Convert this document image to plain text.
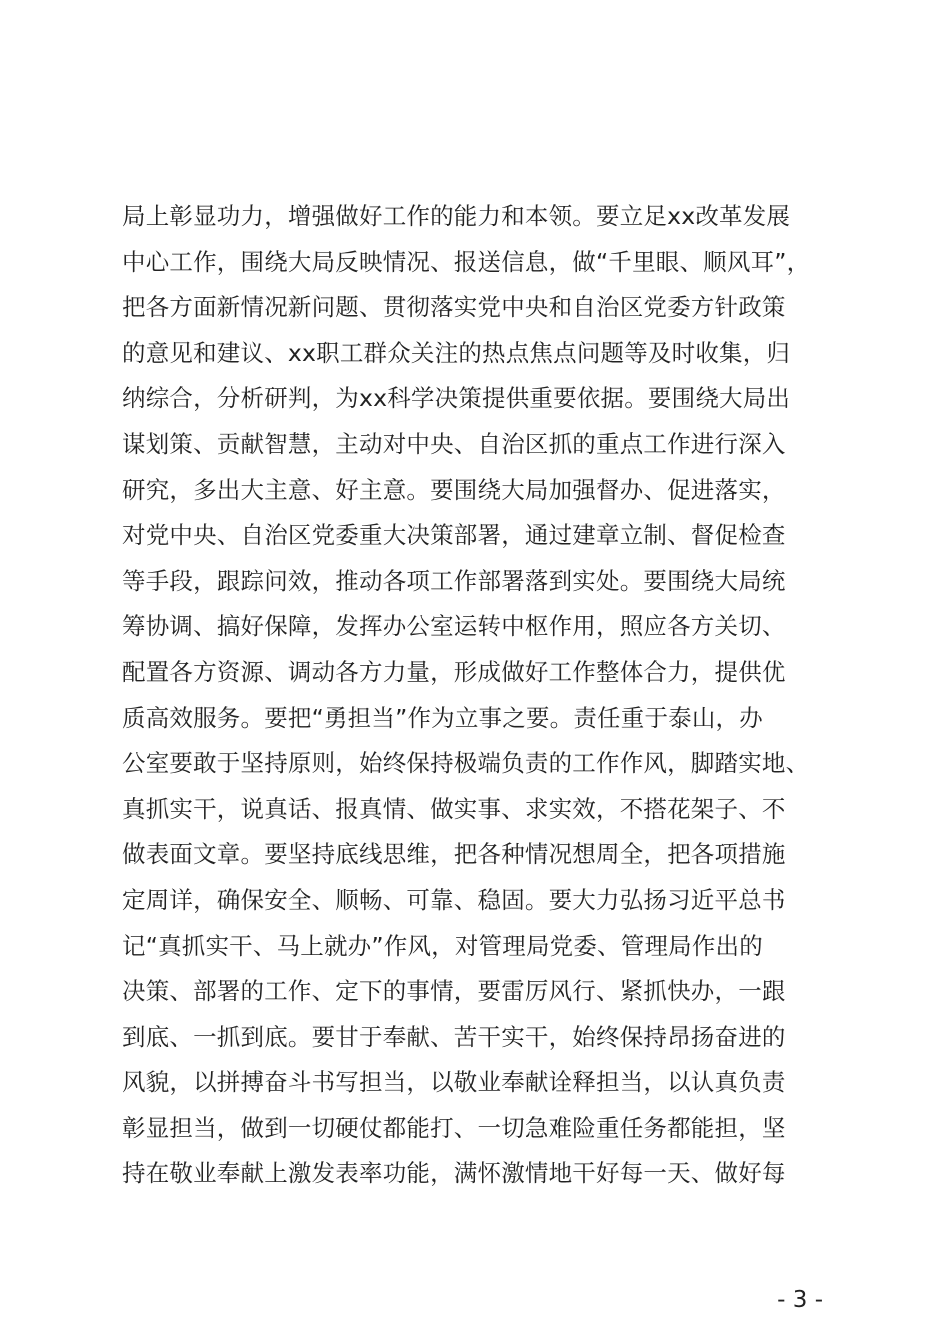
局上彰显功力，增强做好工作的能力和本领。要立足xx改革发展
中心工作，围绕大局反映情况、报送信息，做“千里眼、顺风耳”，
把各方面新情况新问题、贯彻落实党中央和自治区党委方针政策
的意见和建议、xx职工群众关注的热点焦点问题等及时收集，归
纳综合，分析研判，为xx科学决策提供重要依据。要围绕大局出
谋划策、贡献智慧，主动对中央、自治区抓的重点工作进行深入
研究，多出大主意、好主意。要围绕大局加强督办、促进落实，
对党中央、自治区党委重大决策部署，通过建章立制、督促检查
等手段，跟踪问效，推动各项工作部署落到实处。要围绕大局统
筹协调、搞好保障，发挥办公室运转中枢作用，照应各方关切、
配置各方资源、调动各方力量，形成做好工作整体合力，提供优
质高效服务。要把“勇担当”作为立事之要。责任重于泰山，办
公室要敢于坚持原则，始终保持极端负责的工作作风，脚踏实地、
真抓实干，说真话、报真情、做实事、求实效，不搭花架子、不
做表面文章。要坚持底线思维，把各种情况想周全，把各项措施
定周详，确保安全、顺畅、可靠、稳固。要大力弘扬习近平总书
记“真抓实干、马上就办”作风，对管理局党委、管理局作出的
决策、部署的工作、定下的事情，要雷厉风行、紧抓快办，一跟
到底、一抓到底。要甘于奉献、苦干实干，始终保持昂扬奋进的
风貌，以拼搏奋斗书写担当，以敬业奉献诠释担当，以认真负责
彰显担当，做到一切硬仗都能打、一切急难险重任务都能担，坚
持在敬业奉献上激发表率功能，满怀激情地干好每一天、做好每
- 3 -
